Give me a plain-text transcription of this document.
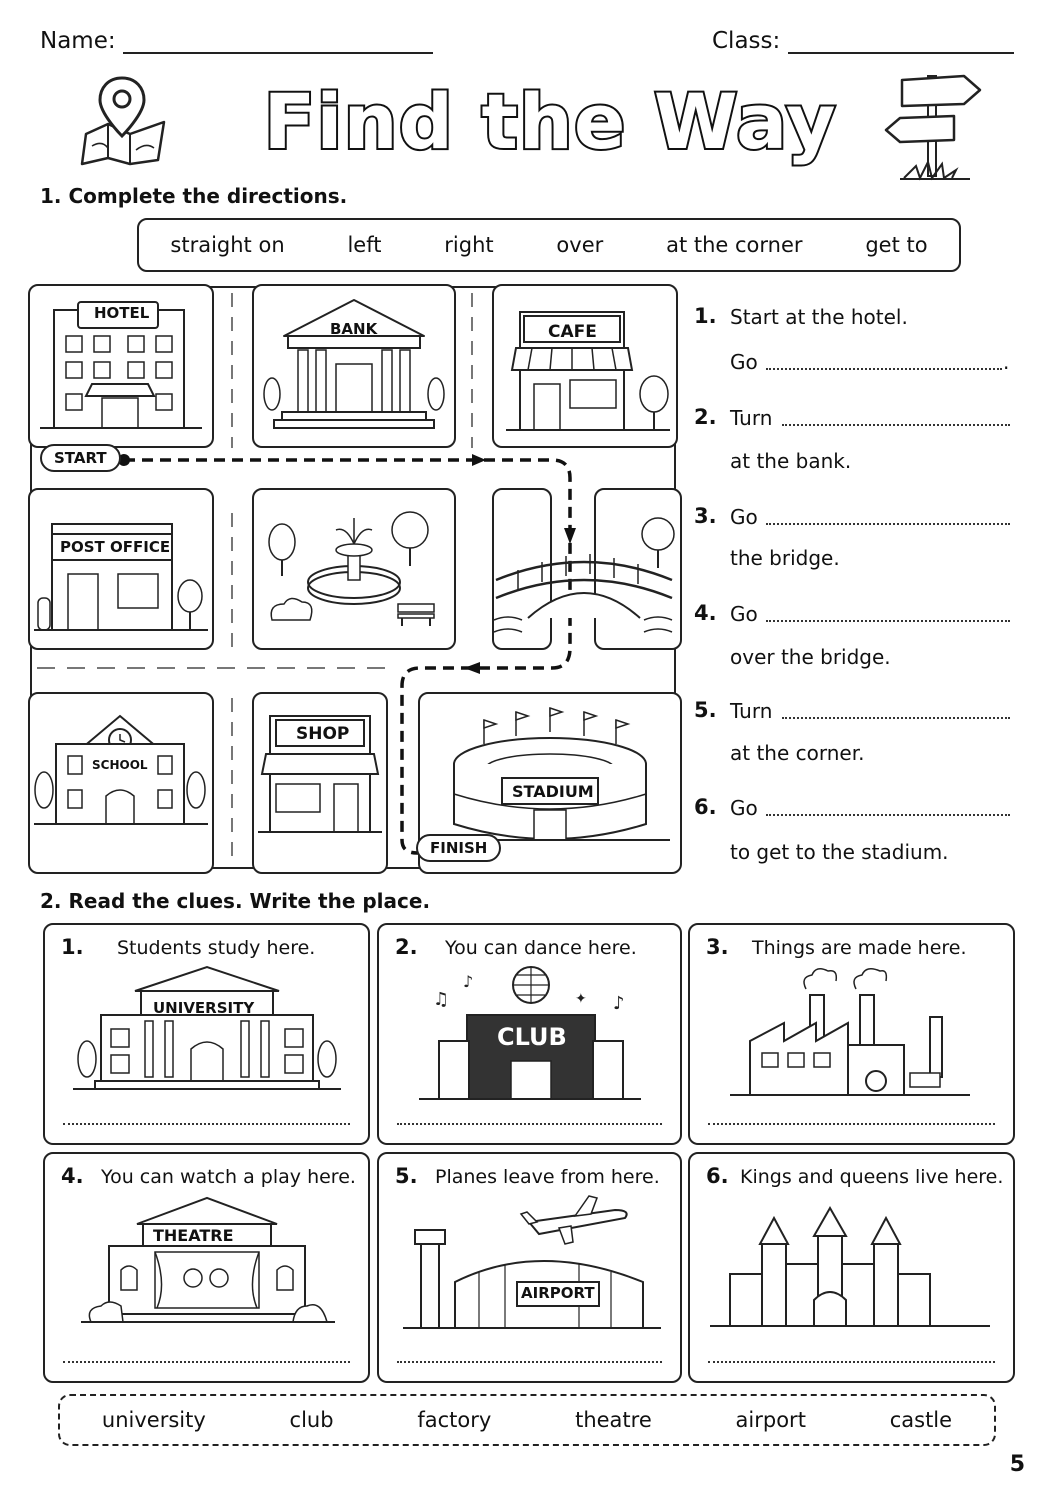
Name:	Class:
Find the Way
1. Complete the directions.
straight on	left	right	over	at the corner	get to
HOTEL
BANK	CAFE
START
POST OFFICE
SCHOOL
SHOP
STADIUM
FINISH
1. Start at the hotel.
Go	.
2. Turn
at the bank.
3. Go
the bridge.
4. Go
over the bridge.
5. Turn
at the corner.
6. Go
to get to the stadium.
2. Read the clues. Write the place.
1. Students study here.
UNIVERSITY	♫
♪
✦ ♪
2. You can dance here.
CLUB
3. Things are made here.
4. You can watch a play here.
THEATRE
5. Planes leave from here.
AIRPORT
6. Kings and queens live here.
university	club	factory	theatre	airport	castle
5
